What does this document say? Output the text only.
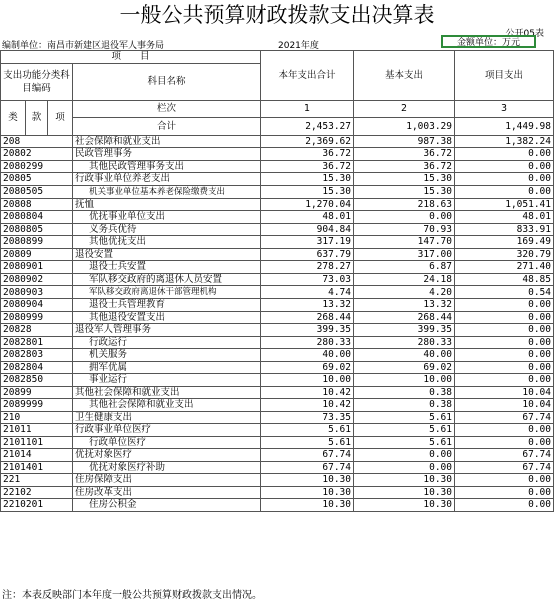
一般公共预算财政拨款支出决算表
公开05表
编制单位：南昌市新建区退役军人事务局	2021年度	金额单位：万元
项　　目				本年支出合计	基本支出	项目支出
支出功能分类科目编码			科目名称			

类	款	项				
			栏次	1	2	3
			合计	2,453.27	1,003.29	1,449.98
208			社会保障和就业支出	2,369.62	987.38	1,382.24
20802			民政管理事务	36.72	36.72	0.00
2080299			其他民政管理事务支出	36.72	36.72	0.00
20805			行政事业单位养老支出	15.30	15.30	0.00
2080505			机关事业单位基本养老保险缴费支出	15.30	15.30	0.00
20808			抚恤	1,270.04	218.63	1,051.41
2080804			优抚事业单位支出	48.01	0.00	48.01
2080805			义务兵优待	904.84	70.93	833.91
2080899			其他优抚支出	317.19	147.70	169.49
20809			退役安置	637.79	317.00	320.79
2080901			退役士兵安置	278.27	6.87	271.40
2080902			军队移交政府的离退休人员安置	73.03	24.18	48.85
2080903			军队移交政府离退休干部管理机构	4.74	4.20	0.54
2080904			退役士兵管理教育	13.32	13.32	0.00
2080999			其他退役安置支出	268.44	268.44	0.00
20828			退役军人管理事务	399.35	399.35	0.00
2082801			行政运行	280.33	280.33	0.00
2082803			机关服务	40.00	40.00	0.00
2082804			拥军优属	69.02	69.02	0.00
2082850			事业运行	10.00	10.00	0.00
20899			其他社会保障和就业支出	10.42	0.38	10.04
2089999			其他社会保障和就业支出	10.42	0.38	10.04
210			卫生健康支出	73.35	5.61	67.74
21011			行政事业单位医疗	5.61	5.61	0.00
2101101			行政单位医疗	5.61	5.61	0.00
21014			优抚对象医疗	67.74	0.00	67.74
2101401			优抚对象医疗补助	67.74	0.00	67.74
221			住房保障支出	10.30	10.30	0.00
22102			住房改革支出	10.30	10.30	0.00
2210201			住房公积金	10.30	10.30	0.00
注：本表反映部门本年度一般公共预算财政拨款支出情况。
